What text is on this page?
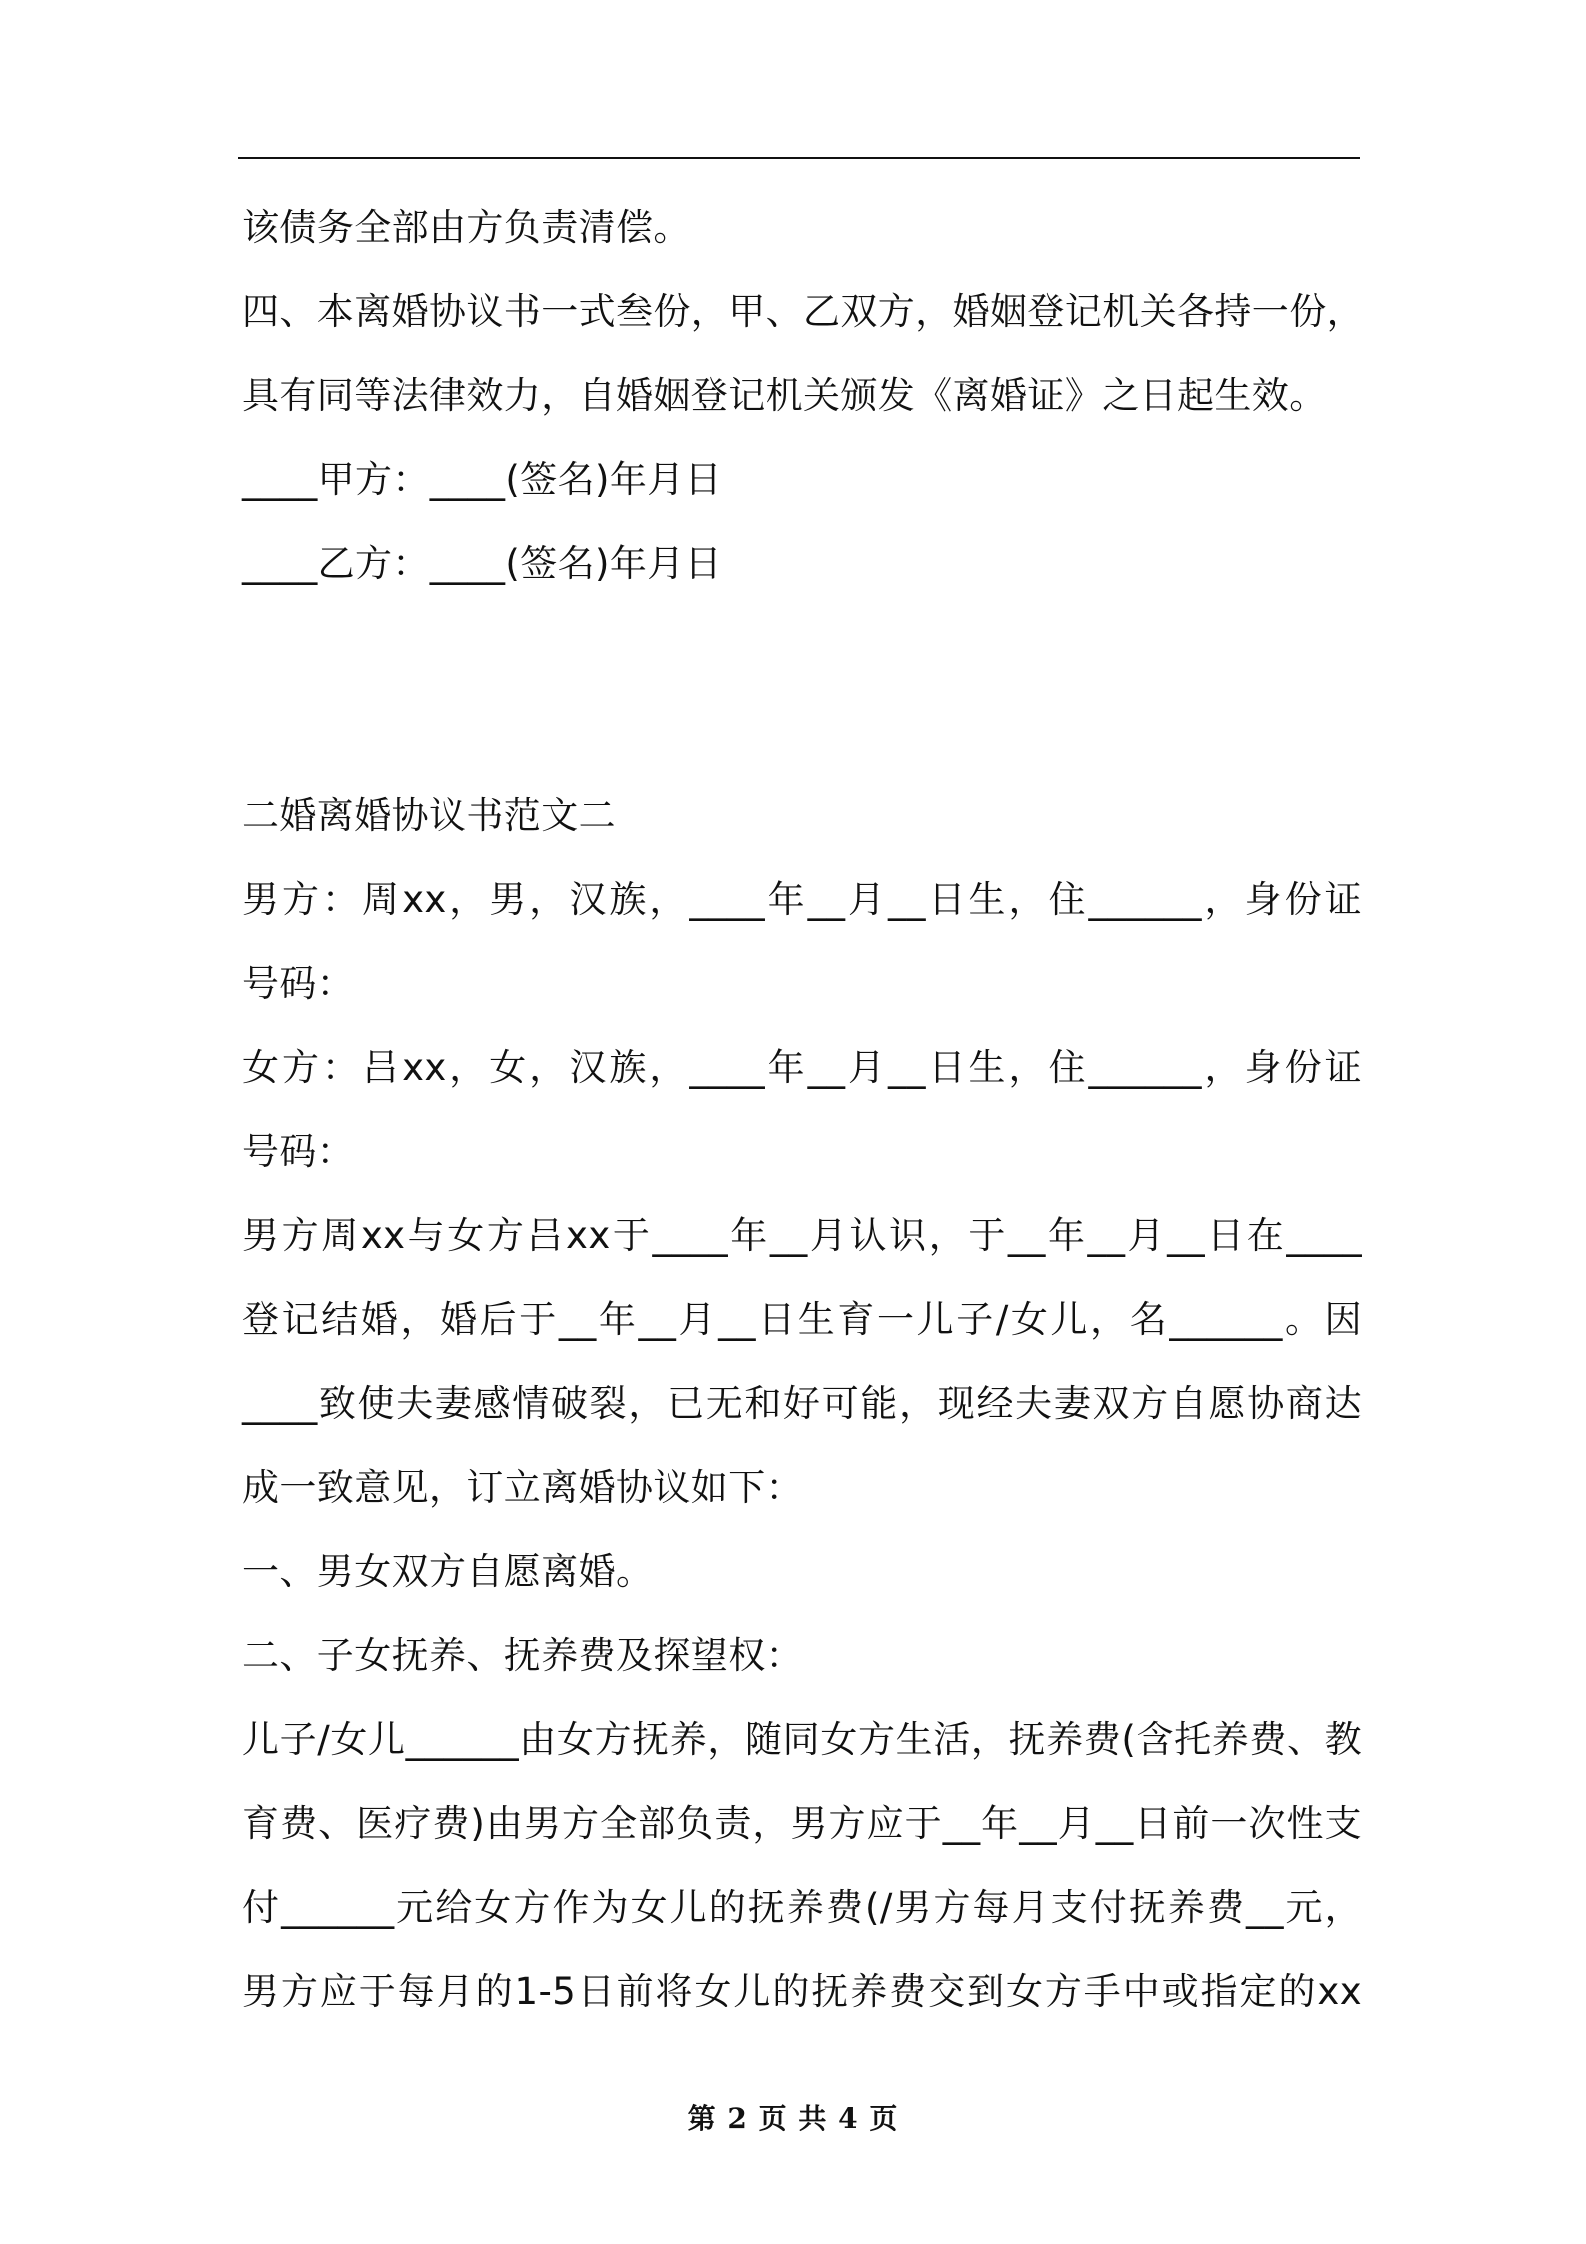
该债务全部由方负责清偿。
四、本离婚协议书一式叁份，甲、乙双方，婚姻登记机关各持一份，
具有同等法律效力，自婚姻登记机关颁发《离婚证》之日起生效。
____甲方：____(签名)年月日
____乙方：____(签名)年月日
二婚离婚协议书范文二
男方：周xx，男，汉族，____年__月__日生，住______，身份证
号码：
女方：吕xx，女，汉族，____年__月__日生，住______，身份证
号码：
男方周xx与女方吕xx于____年__月认识，于__年__月__日在____
登记结婚，婚后于__年__月__日生育一儿子/女儿，名______。因
____致使夫妻感情破裂，已无和好可能，现经夫妻双方自愿协商达
成一致意见，订立离婚协议如下：
一、男女双方自愿离婚。
二、子女抚养、抚养费及探望权：
儿子/女儿______由女方抚养，随同女方生活，抚养费(含托养费、教
育费、医疗费)由男方全部负责，男方应于__年__月__日前一次性支
付______元给女方作为女儿的抚养费(/男方每月支付抚养费__元，
男方应于每月的1-5日前将女儿的抚养费交到女方手中或指定的xx
第 2 页 共 4 页
